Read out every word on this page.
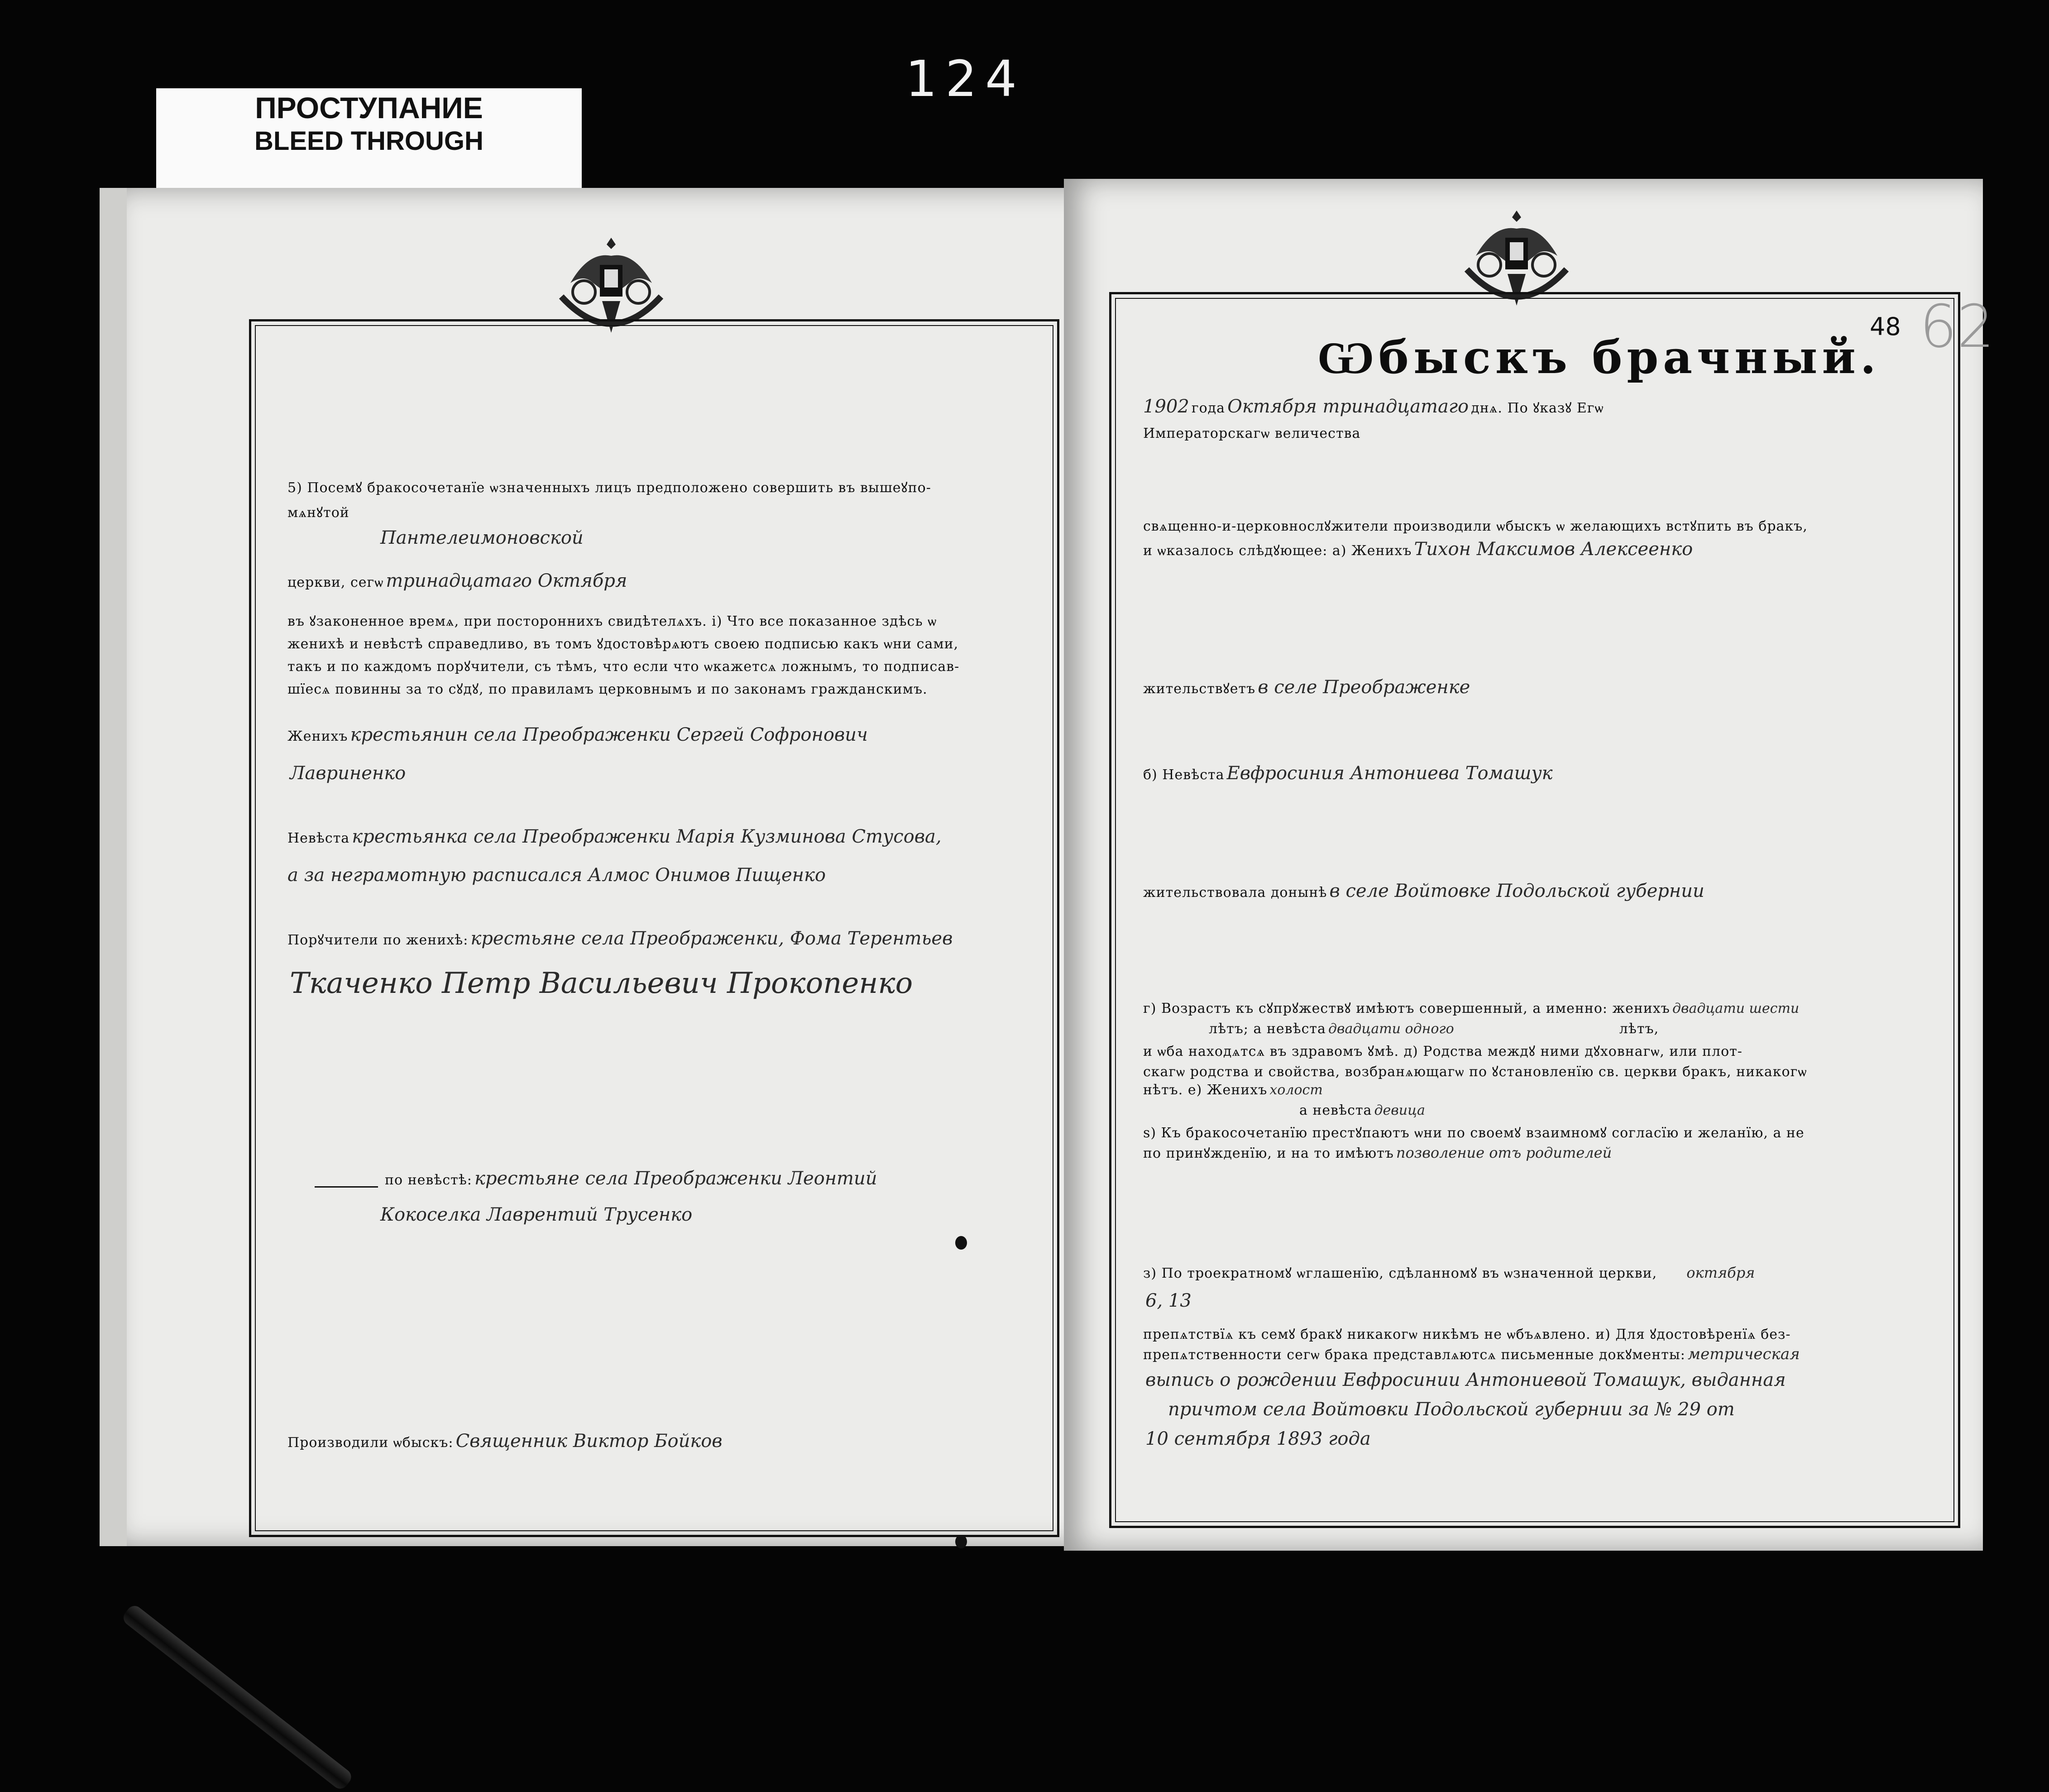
124
ПРОСТУПАНИЕ
BLEED THROUGH
5) Посемꙋ бракосочетанїе ѡзначенныхъ лицъ предположено совершить въ вышеꙋпо-
мѧнꙋтой
Пантелеимоновской
церкви, сегѡ тринадцатаго Октября
въ ꙋзаконенное времѧ, при постороннихъ свидѣтелѧхъ. і) Что все показанное здѣсь ѡ
женихѣ и невѣстѣ справедливо, въ томъ ꙋдостовѣрѧютъ своею подписью какъ ѡни сами,
такъ и по каждомъ порꙋчители, съ тѣмъ, что если что ѡкажетсѧ ложнымъ, то подписав-
шїесѧ повинны за то сꙋдꙋ, по правиламъ церковнымъ и по законамъ гражданскимъ.
Женихъ крестьянин села Преображенки Сергей Софронович
Лавриненко
Невѣста крестьянка села Преображенки Марія Кузминова Стусова,
а за неграмотную расписался Алмос Онимов Пищенко
Порꙋчители по женихѣ: крестьяне села Преображенки, Фома Терентьев
Ткаченко Петр Васильевич Прокопенко
по невѣстѣ: крестьяне села Преображенки Леонтий
Кокоселка Лаврентий Трусенко
Производили ѡбыскъ: Священник Виктор Бойков
48 62
Ѡбыскъ брачный.
1902 года Октября тринадцатаго днѧ. По ꙋказꙋ Егѡ
Императорскагѡ величества
свѧщенно-и-церковнослꙋжители производили ѡбыскъ ѡ желающихъ встꙋпить въ бракъ,
и ѡказалось слѣдꙋющее: а) Женихъ Тихон Максимов Алексеенко
жительствꙋетъ в селе Преображенке
б) Невѣста Евфросиния Антониева Томашук
жительствовала донынѣ в селе Войтовке Подольской губернии
г) Возрастъ къ сꙋпрꙋжествꙋ имѣютъ совершенный, а именно: женихъ двадцати шести
лѣтъ; а невѣста двадцати одного	лѣтъ,
и ѡба находѧтсѧ въ здравомъ ꙋмѣ. д) Родства междꙋ ними дꙋховнагѡ, или плот-
скагѡ родства и свойства, возбранѧющагѡ по ꙋстановленїю св. церкви бракъ, никакогѡ
нѣтъ. е) Женихъ холост
а невѣста девица
ѕ) Къ бракосочетанїю престꙋпаютъ ѡни по своемꙋ взаимномꙋ согласїю и желанїю, а не
по принꙋжденїю, и на то имѣютъ позволение отъ родителей
з) По троекратномꙋ ѡглашенїю, сдѣланномꙋ въ ѡзначенной церкви, октября
6, 13
препѧтствїѧ къ семꙋ бракꙋ никакогѡ никѣмъ не ѡбъѧвлено. и) Для ꙋдостовѣренїѧ без-
препѧтственности сегѡ брака представлѧютсѧ письменные докꙋменты: метрическая
выпись о рождении Евфросинии Антониевой Томашук, выданная
причтом села Войтовки Подольской губернии за № 29 от
10 сентября 1893 года
